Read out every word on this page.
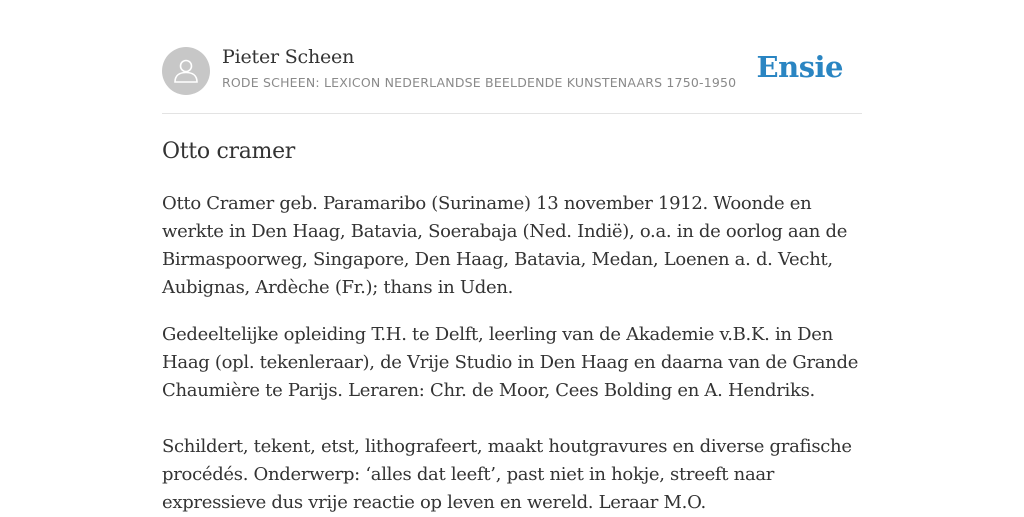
Pieter Scheen
RODE SCHEEN: LEXICON NEDERLANDSE BEELDENDE KUNSTENAARS 1750-1950 Ensie
Otto cramer

Otto Cramer geb. Paramaribo (Suriname) 13 november 1912. Woonde en werkte in Den Haag, Batavia, Soerabaja (Ned. Indië), o.a. in de oorlog aan de Birmaspoorweg, Singapore, Den Haag, Batavia, Medan, Loenen a. d. Vecht, Aubignas, Ardèche (Fr.); thans in Uden.

Gedeeltelijke opleiding T.H. te Delft, leerling van de Akademie v.B.K. in Den Haag (opl. tekenleraar), de Vrije Studio in Den Haag en daarna van de Grande Chaumière te Parijs. Leraren: Chr. de Moor, Cees Bolding en A. Hendriks.

Schildert, tekent, etst, lithografeert, maakt houtgravures en diverse grafische procédés. Onderwerp: ‘alles dat leeft’, past niet in hokje, streeft naar expressieve dus vrije reactie op leven en wereld. Leraar M.O.
